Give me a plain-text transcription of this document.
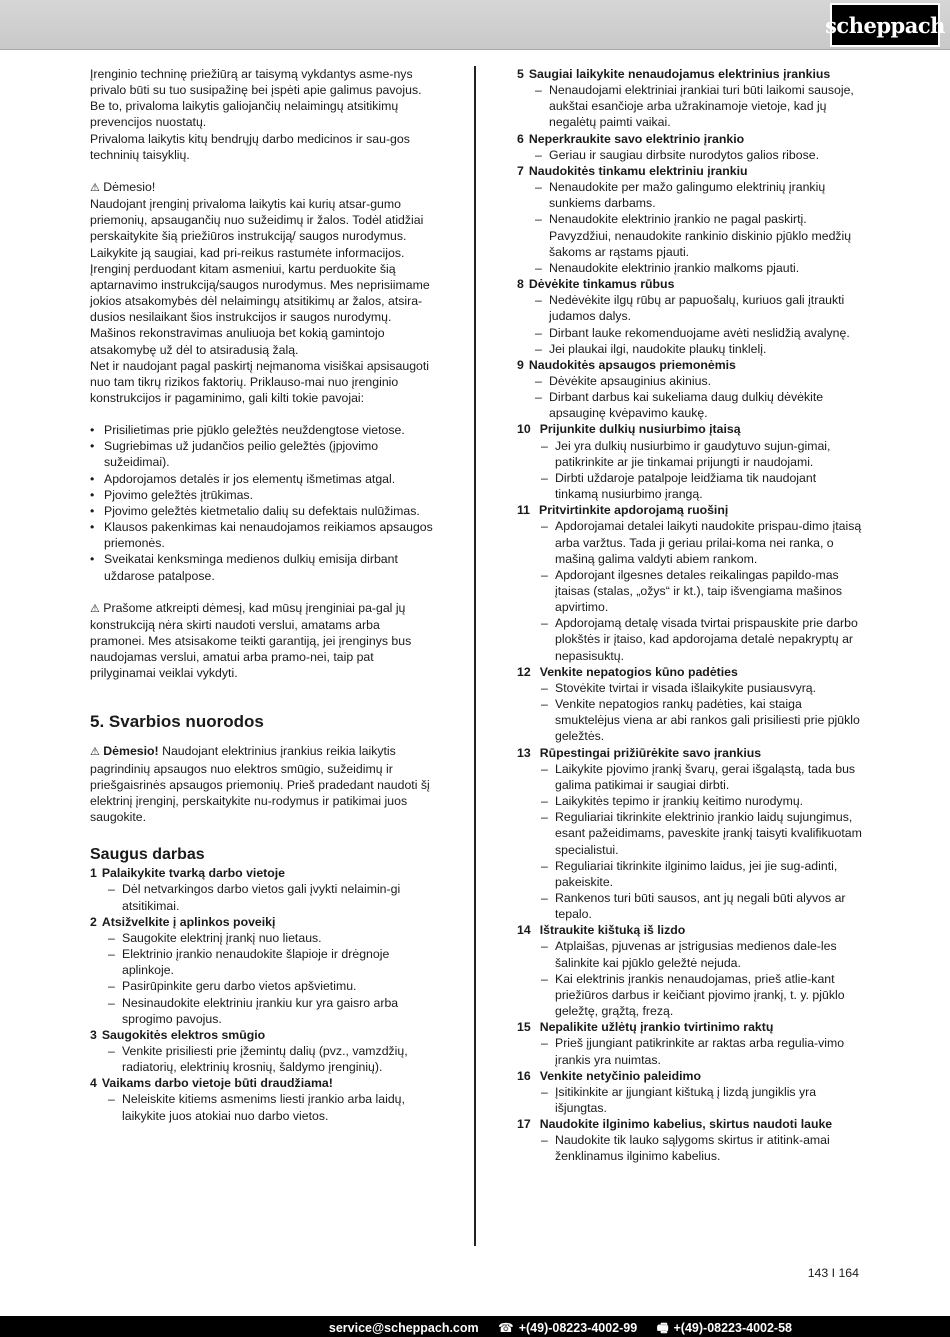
scheppach

Įrenginio techninę priežiūrą ar taisymą vykdantys asme-nys privalo būti su tuo susipažinę bei įspėti apie galimus pavojus. Be to, privaloma laikytis galiojančių nelaimingų atsitikimų prevencijos nuostatų.

Privaloma laikytis kitų bendrųjų darbo medicinos ir sau-gos techninių taisyklių.

⚠ Dėmesio!

Naudojant įrenginį privaloma laikytis kai kurių atsar-gumo priemonių, apsaugančių nuo sužeidimų ir žalos. Todėl atidžiai perskaitykite šią priežiūros instrukciją/ saugos nurodymus. Laikykite ją saugiai, kad pri-reikus rastumėte informacijos. Įrenginį perduodant kitam asmeniui, kartu perduokite šią aptarnavimo instrukciją/saugos nurodymus. Mes neprisiimame jokios atsakomybės dėl nelaimingų atsitikimų ar žalos, atsira-dusios nesilaikant šios instrukcijos ir saugos nurodymų. Mašinos rekonstravimas anuliuoja bet kokią gamintojo atsakomybę už dėl to atsiradusią žalą.

Net ir naudojant pagal paskirtį neįmanoma visiškai apsisaugoti nuo tam tikrų rizikos faktorių. Priklauso-mai nuo įrenginio konstrukcijos ir pagaminimo, gali kilti tokie pavojai:

• Prisilietimas prie pjūklo geležtės neuždengtose vietose.
• Sugriebimas už judančios peilio geležtės (įpjovimo sužeidimai).
• Apdorojamos detalės ir jos elementų išmetimas atgal.
• Pjovimo geležtės įtrūkimas.
• Pjovimo geležtės kietmetalio dalių su defektais nulūžimas.
• Klausos pakenkimas kai nenaudojamos reikiamos apsaugos priemonės.
• Sveikatai kenksminga medienos dulkių emisija dirbant uždarose patalpose.

⚠ Prašome atkreipti dėmesį, kad mūsų įrenginiai pa-gal jų konstrukciją nėra skirti naudoti verslui, amatams arba pramonei. Mes atsisakome teikti garantiją, jei įrenginys bus naudojamas verslui, amatui arba pramo-nei, taip pat prilyginamai veiklai vykdyti.

5. Svarbios nuorodos

⚠ Dėmesio! Naudojant elektrinius įrankius reikia laikytis pagrindinių apsaugos nuo elektros smūgio, sužeidimų ir priešgaisrinės apsaugos priemonių. Prieš pradedant naudoti šį elektrinį įrenginį, perskaitykite nu-rodymus ir patikimai juos saugokite.

Saugus darbas
1 Palaikykite tvarką darbo vietoje
– Dėl netvarkingos darbo vietos gali įvykti nelaimin-gi atsitikimai.
2 Atsižvelkite į aplinkos poveikį
– Saugokite elektrinį įrankį nuo lietaus.
– Elektrinio įrankio nenaudokite šlapioje ir drėgnoje aplinkoje.
– Pasirūpinkite geru darbo vietos apšvietimu.
– Nesinaudokite elektriniu įrankiu kur yra gaisro arba sprogimo pavojus.
3 Saugokitės elektros smūgio
– Venkite prisiliesti prie įžemintų dalių (pvz., vamzdžių, radiatorių, elektrinių krosnių, šaldymo įrenginių).
4 Vaikams darbo vietoje būti draudžiama!
– Neleiskite kitiems asmenims liesti įrankio arba laidų, laikykite juos atokiai nuo darbo vietos.
5 Saugiai laikykite nenaudojamus elektrinius įrankius
– Nenaudojami elektriniai įrankiai turi būti laikomi sausoje, aukštai esančioje arba užrakinamoje vietoje, kad jų negalėtų paimti vaikai.
6 Neperkraukite savo elektrinio įrankio
– Geriau ir saugiau dirbsite nurodytos galios ribose.
7 Naudokitės tinkamu elektriniu įrankiu
– Nenaudokite per mažo galingumo elektrinių įrankių sunkiems darbams.
– Nenaudokite elektrinio įrankio ne pagal paskirtį. Pavyzdžiui, nenaudokite rankinio diskinio pjūklo medžių šakoms ar rąstams pjauti.
– Nenaudokite elektrinio įrankio malkoms pjauti.
8 Dėvėkite tinkamus rūbus
– Nedėvėkite ilgų rūbų ar papuošalų, kuriuos gali įtraukti judamos dalys.
– Dirbant lauke rekomenduojame avėti neslidžią avalynę.
– Jei plaukai ilgi, naudokite plaukų tinklelį.
9 Naudokitės apsaugos priemonėmis
– Dėvėkite apsauginius akinius.
– Dirbant darbus kai sukeliama daug dulkių dėvėkite apsauginę kvėpavimo kaukę.
10 Prijunkite dulkių nusiurbimo įtaisą
– Jei yra dulkių nusiurbimo ir gaudytuvo sujun-gimai, patikrinkite ar jie tinkamai prijungti ir naudojami.
– Dirbti uždaroje patalpoje leidžiama tik naudojant tinkamą nusiurbimo įrangą.
11 Pritvirtinkite apdorojamą ruošinį
– Apdorojamai detalei laikyti naudokite prispau-dimo įtaisą arba varžtus. Tada ji geriau prilai-koma nei ranka, o mašiną galima valdyti abiem rankom.
– Apdorojant ilgesnes detales reikalingas papildo-mas įtaisas (stalas, „ožys“ ir kt.), taip išvengiama mašinos apvirtimo.
– Apdorojamą detalę visada tvirtai prispauskite prie darbo plokštės ir įtaiso, kad apdorojama detalė nepakryptų ar nepasisuktų.
12 Venkite nepatogios kūno padėties
– Stovėkite tvirtai ir visada išlaikykite pusiausvyrą.
– Venkite nepatogios rankų padėties, kai staiga smuktelėjus viena ar abi rankos gali prisiliesti prie pjūklo geležtės.
13 Rūpestingai prižiūrėkite savo įrankius
– Laikykite pjovimo įrankį švarų, gerai išgaląstą, tada bus galima patikimai ir saugiai dirbti.
– Laikykitės tepimo ir įrankių keitimo nurodymų.
– Reguliariai tikrinkite elektrinio įrankio laidų sujungimus, esant pažeidimams, paveskite įrankį taisyti kvalifikuotam specialistui.
– Reguliariai tikrinkite ilginimo laidus, jei jie sug-adinti, pakeiskite.
– Rankenos turi būti sausos, ant jų negali būti alyvos ar tepalo.
14 Ištraukite kištuką iš lizdo
– Atplaišas, pjuvenas ar įstrigusias medienos dale-les šalinkite kai pjūklo geležtė nejuda.
– Kai elektrinis įrankis nenaudojamas, prieš atlie-kant priežiūros darbus ir keičiant pjovimo įrankį, t. y. pjūklo geležtę, grąžtą, frezą.
15 Nepalikite užlėtų įrankio tvirtinimo raktų
– Prieš įjungiant patikrinkite ar raktas arba regulia-vimo įrankis yra nuimtas.
16 Venkite netyčinio paleidimo
– Įsitikinkite ar įjungiant kištuką į lizdą jungiklis yra išjungtas.
17 Naudokite ilginimo kabelius, skirtus naudoti lauke
– Naudokite tik lauko sąlygoms skirtus ir atitink-amai ženklinamus ilginimo kabelius.
143 I 164
service@scheppach.com ☎ +(49)-08223-4002-99 🖷 +(49)-08223-4002-58
